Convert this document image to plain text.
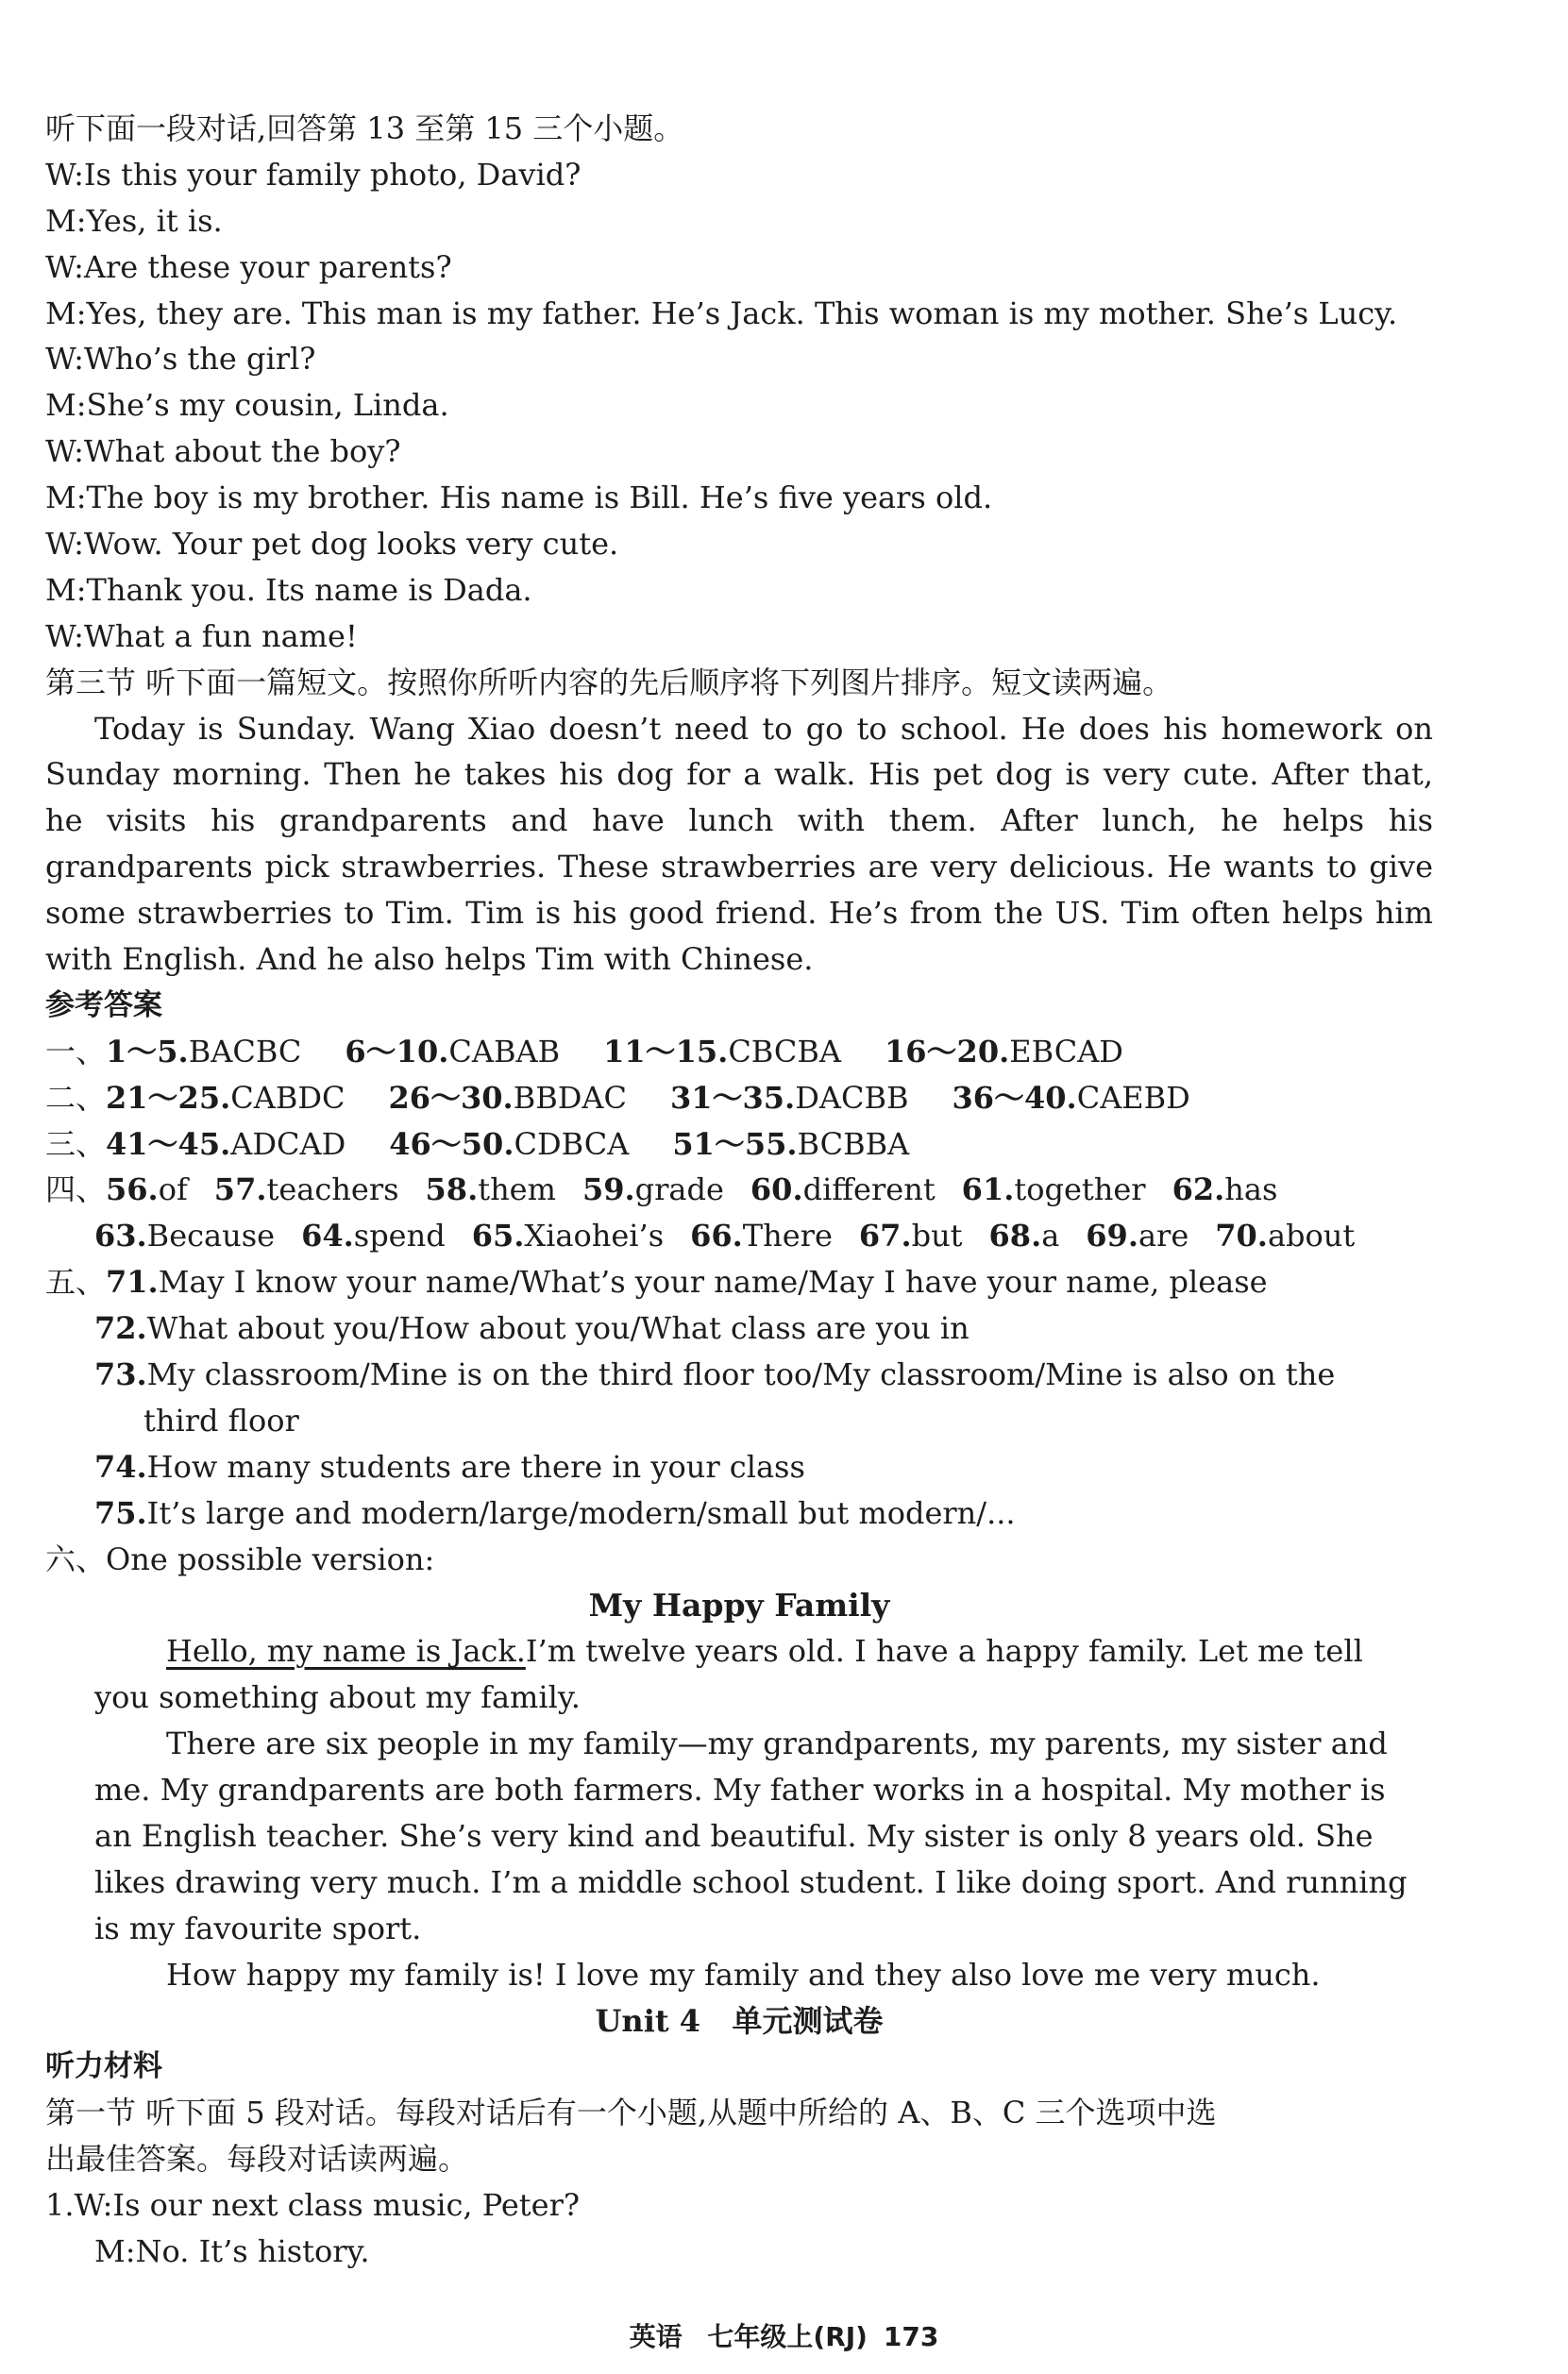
听下面一段对话,回答第 13 至第 15 三个小题。
W:Is this your family photo, David?
M:Yes, it is.
W:Are these your parents?
M:Yes, they are. This man is my father. He’s Jack. This woman is my mother. She’s Lucy.
W:Who’s the girl?
M:She’s my cousin, Linda.
W:What about the boy?
M:The boy is my brother. His name is Bill. He’s five years old.
W:Wow. Your pet dog looks very cute.
M:Thank you. Its name is Dada.
W:What a fun name!
第三节 听下面一篇短文。按照你所听内容的先后顺序将下列图片排序。短文读两遍。
Today is Sunday. Wang Xiao doesn’t need to go to school. He does his homework on
Sunday morning. Then he takes his dog for a walk. His pet dog is very cute. After that,
he visits his grandparents and have lunch with them. After lunch, he helps his
grandparents pick strawberries. These strawberries are very delicious. He wants to give
some strawberries to Tim. Tim is his good friend. He’s from the US. Tim often helps him
with English. And he also helps Tim with Chinese.
参考答案
一、1～5.BACBC 6～10.CABAB 11～15.CBCBA 16～20.EBCAD
二、21～25.CABDC 26～30.BBDAC 31～35.DACBB 36～40.CAEBD
三、41～45.ADCAD 46～50.CDBCA 51～55.BCBBA
四、56.of 57.teachers 58.them 59.grade 60.different 61.together 62.has
63.Because 64.spend 65.Xiaohei’s 66.There 67.but 68.a 69.are 70.about
五、71.May I know your name/What’s your name/May I have your name, please
72.What about you/How about you/What class are you in
73.My classroom/Mine is on the third floor too/My classroom/Mine is also on the
third floor
74.How many students are there in your class
75.It’s large and modern/large/modern/small but modern/...
六、One possible version:
My Happy Family
Hello, my name is Jack.I’m twelve years old. I have a happy family. Let me tell
you something about my family.
There are six people in my family—my grandparents, my parents, my sister and
me. My grandparents are both farmers. My father works in a hospital. My mother is
an English teacher. She’s very kind and beautiful. My sister is only 8 years old. She
likes drawing very much. I’m a middle school student. I like doing sport. And running
is my favourite sport.
How happy my family is! I love my family and they also love me very much.
Unit 4 单元测试卷
听力材料
第一节 听下面 5 段对话。每段对话后有一个小题,从题中所给的 A、B、C 三个选项中选
出最佳答案。每段对话读两遍。
1.W:Is our next class music, Peter?
M:No. It’s history.
英语 七年级上(RJ) 173
